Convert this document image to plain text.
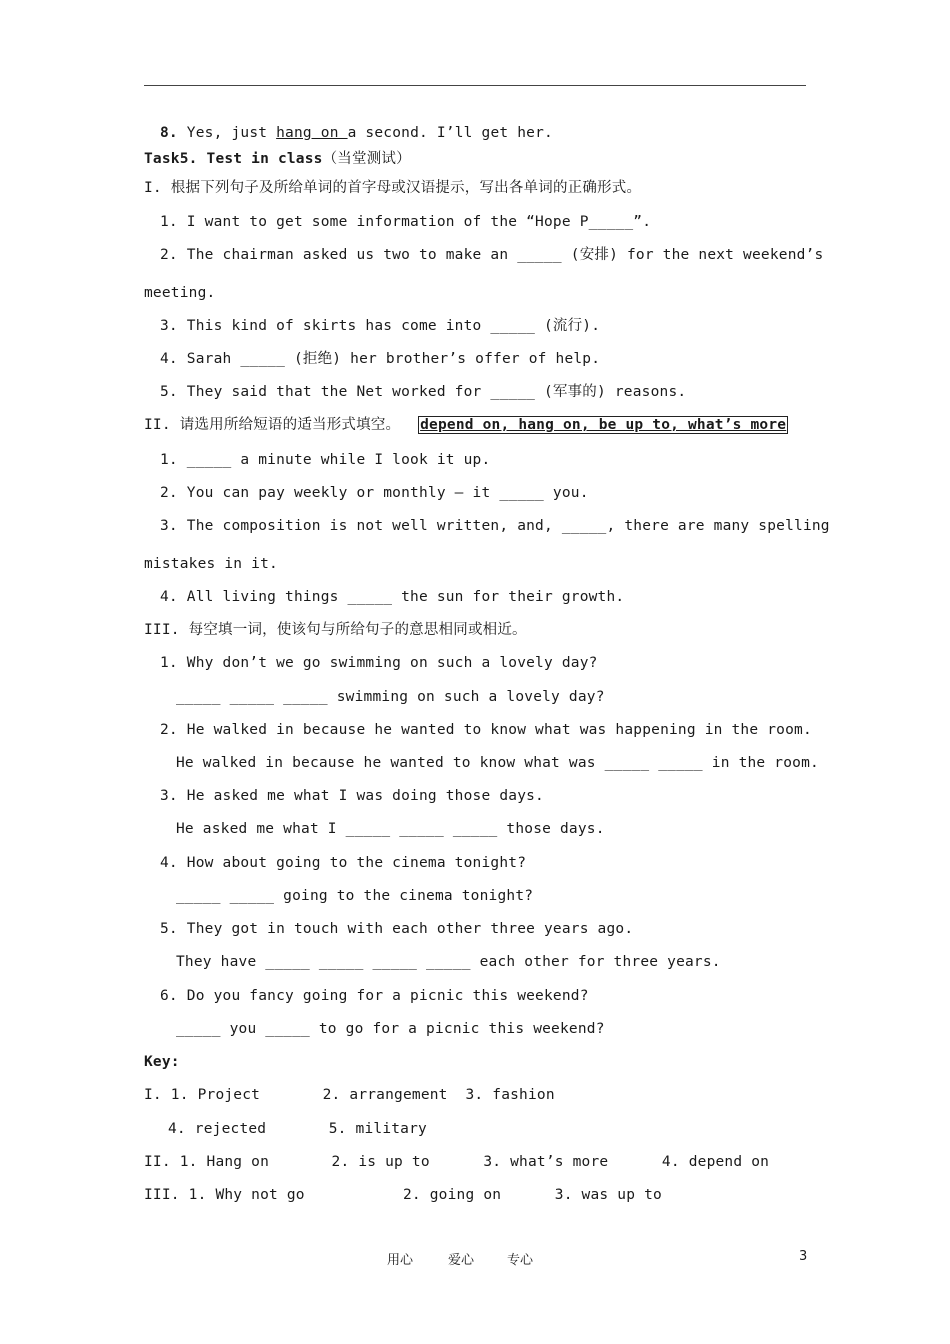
8. Yes, just hang on a second. I’ll get her.
Task5. Test in class（当堂测试）
I. 根据下列句子及所给单词的首字母或汉语提示，写出各单词的正确形式。
1. I want to get some information of the “Hope P_____”.
2. The chairman asked us two to make an _____ (安排) for the next weekend’s
meeting.
3. This kind of skirts has come into _____ (流行).
4. Sarah _____ (拒绝) her brother’s offer of help.
5. They said that the Net worked for _____ (军事的) reasons.
II. 请选用所给短语的适当形式填空。 depend on, hang on, be up to, what’s more
1. _____ a minute while I look it up.
2. You can pay weekly or monthly — it _____ you.
3. The composition is not well written, and, _____, there are many spelling
mistakes in it.
4. All living things _____ the sun for their growth.
III. 每空填一词，使该句与所给句子的意思相同或相近。
1. Why don’t we go swimming on such a lovely day?
_____ _____ _____ swimming on such a lovely day?
2. He walked in because he wanted to know what was happening in the room.
He walked in because he wanted to know what was _____ _____ in the room.
3. He asked me what I was doing those days.
He asked me what I _____ _____ _____ those days.
4. How about going to the cinema tonight?
_____ _____ going to the cinema tonight?
5. They got in touch with each other three years ago.
They have _____ _____ _____ _____ each other for three years.
6. Do you fancy going for a picnic this weekend?
_____ you _____ to go for a picnic this weekend?
Key:
I. 1. Project       2. arrangement  3. fashion
4. rejected       5. military
II. 1. Hang on       2. is up to      3. what’s more      4. depend on
III. 1. Why not go           2. going on      3. was up to
用心	爱心	专心	3
